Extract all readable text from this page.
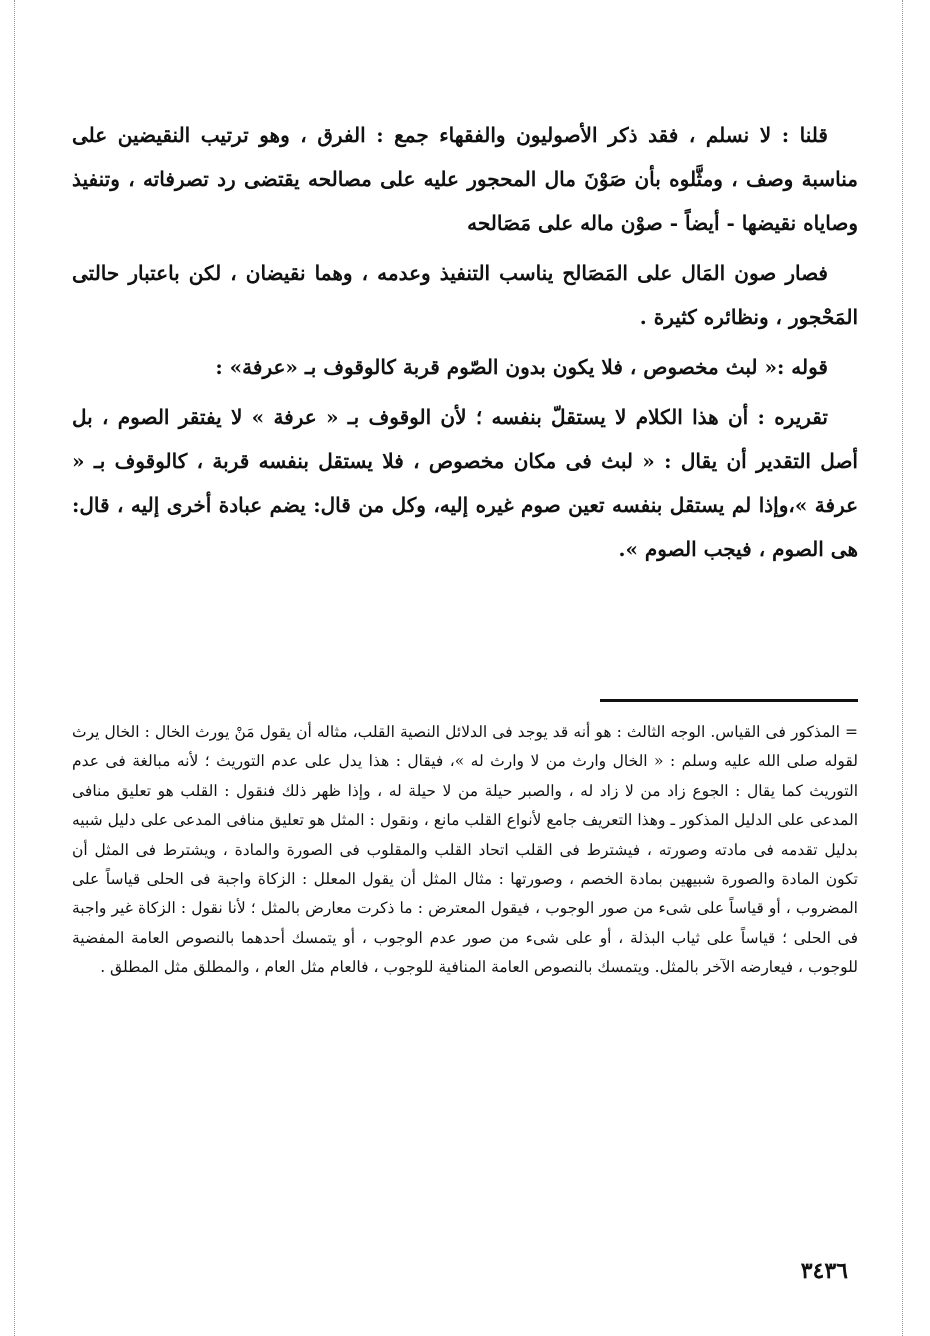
قلنا : لا نسلم ، فقد ذكر الأصوليون والفقهاء جمع : الفرق ، وهو ترتيب النقيضين على مناسبة وصف ، ومثَّلوه بأن صَوْنَ مال المحجور عليه على مصالحه يقتضى رد تصرفاته ، وتنفيذ وصاياه نقيضها - أيضاً - صوْن ماله على مَصَالحه

فصار صون المَال على المَصَالح يناسب التنفيذ وعدمه ، وهما نقيضان ، لكن باعتبار حالتى المَحْجور ، ونظائره كثيرة .

قوله :« لبث مخصوص ، فلا يكون بدون الصّوم قربة كالوقوف بـ «عرفة» :

تقريره : أن هذا الكلام لا يستقلّ بنفسه ؛ لأن الوقوف بـ « عرفة » لا يفتقر الصوم ، بل أصل التقدير أن يقال : « لبث فى مكان مخصوص ، فلا يستقل بنفسه قربة ، كالوقوف بـ « عرفة »،وإذا لم يستقل بنفسه تعين صوم غيره إليه، وكل من قال: يضم عبادة أخرى إليه ، قال: هى الصوم ، فيجب الصوم ».

= المذكور فى القياس. الوجه الثالث : هو أنه قد يوجد فى الدلائل النصية القلب، مثاله أن يقول مَنْ يورث الخال : الخال يرث لقوله صلى الله عليه وسلم : « الخال وارث من لا وارث له »، فيقال : هذا يدل على عدم التوريث ؛ لأنه مبالغة فى عدم التوريث كما يقال : الجوع زاد من لا زاد له ، والصبر حيلة من لا حيلة له ، وإذا ظهر ذلك فنقول : القلب هو تعليق منافى المدعى على الدليل المذكور ـ وهذا التعريف جامع لأنواع القلب مانع ، ونقول : المثل هو تعليق منافى المدعى على دليل شبيه بدليل تقدمه فى مادته وصورته ، فيشترط فى القلب اتحاد القلب والمقلوب فى الصورة والمادة ، ويشترط فى المثل أن تكون المادة والصورة شبيهين بمادة الخصم ، وصورتها : مثال المثل أن يقول المعلل : الزكاة واجبة فى الحلى قياساً على المضروب ، أو قياساً على شىء من صور الوجوب ، فيقول المعترض : ما ذكرت معارض بالمثل ؛ لأنا نقول : الزكاة غير واجبة فى الحلى ؛ قياساً على ثياب البذلة ، أو على شىء من صور عدم الوجوب ، أو يتمسك أحدهما بالنصوص العامة المفضية للوجوب ، فيعارضه الآخر بالمثل. ويتمسك بالنصوص العامة المنافية للوجوب ، فالعام مثل العام ، والمطلق مثل المطلق .

٣٤٣٦
